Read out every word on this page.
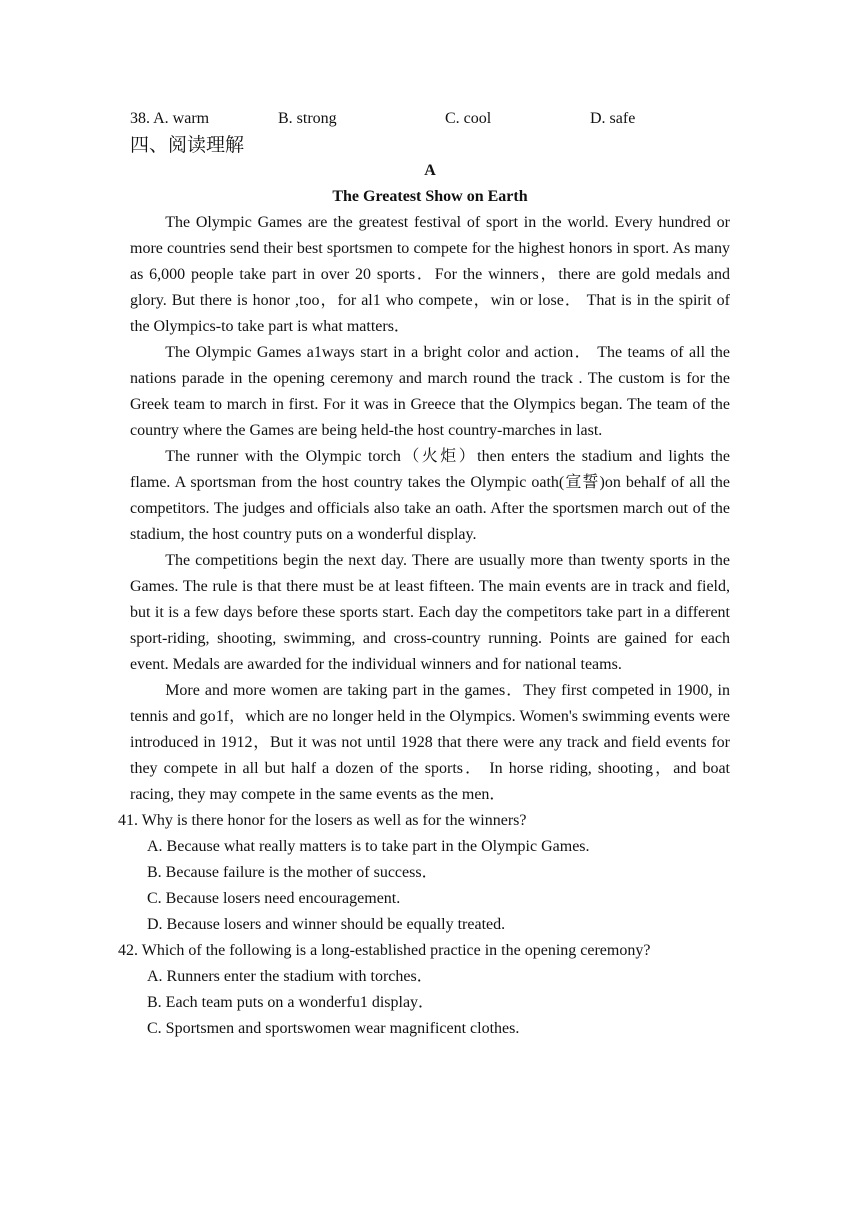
38. A. warm	B. strong	C. cool	D. safe
四、阅读理解
A
The Greatest Show on Earth

The Olympic Games are the greatest festival of sport in the world. Every hundred or more countries send their best sportsmen to compete for the highest honors in sport. As many as 6,000 people take part in over 20 sports．For the winners，there are gold medals and glory. But there is honor ,too，for al1 who compete，win or lose． That is in the spirit of the Olympics-to take part is what matters．

The Olympic Games a1ways start in a bright color and action． The teams of all the nations parade in the opening ceremony and march round the track . The custom is for the Greek team to march in first. For it was in Greece that the Olympics began. The team of the country where the Games are being held-the host country-marches in last.

The runner with the Olympic torch（火炬）then enters the stadium and lights the flame. A sportsman from the host country takes the Olympic oath(宣誓)on behalf of all the competitors. The judges and officials also take an oath. After the sportsmen march out of the stadium, the host country puts on a wonderful display.

The competitions begin the next day. There are usually more than twenty sports in the Games. The rule is that there must be at least fifteen. The main events are in track and field, but it is a few days before these sports start. Each day the competitors take part in a different sport-riding, shooting, swimming, and cross-country running. Points are gained for each event. Medals are awarded for the individual winners and for national teams.

More and more women are taking part in the games．They first competed in 1900, in tennis and go1f，which are no longer held in the Olympics. Women's swimming events were introduced in 1912，But it was not until 1928 that there were any track and field events for they compete in all but half a dozen of the sports． In horse riding, shooting，and boat racing, they may compete in the same events as the men．

41. Why is there honor for the losers as well as for the winners?

A. Because what really matters is to take part in the Olympic Games.

B. Because failure is the mother of success．

C. Because losers need encouragement.

D. Because losers and winner should be equally treated.

42. Which of the following is a long-established practice in the opening ceremony?

A. Runners enter the stadium with torches．

B. Each team puts on a wonderfu1 display．

C. Sportsmen and sportswomen wear magnificent clothes.
